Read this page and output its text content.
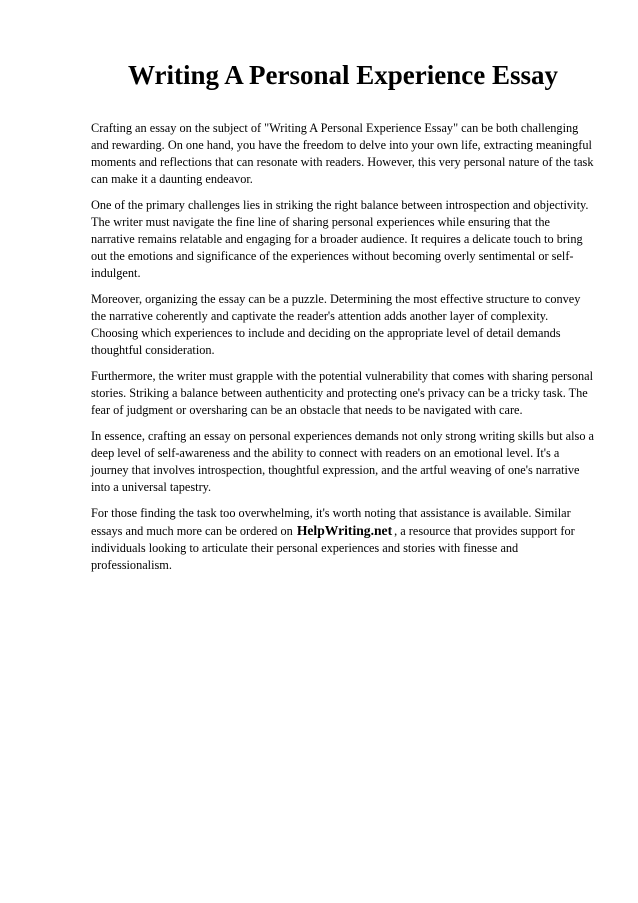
Writing A Personal Experience Essay

Crafting an essay on the subject of "Writing A Personal Experience Essay" can be both challenging and rewarding. On one hand, you have the freedom to delve into your own life, extracting meaningful moments and reflections that can resonate with readers. However, this very personal nature of the task can make it a daunting endeavor.

One of the primary challenges lies in striking the right balance between introspection and objectivity. The writer must navigate the fine line of sharing personal experiences while ensuring that the narrative remains relatable and engaging for a broader audience. It requires a delicate touch to bring out the emotions and significance of the experiences without becoming overly sentimental or self-indulgent.

Moreover, organizing the essay can be a puzzle. Determining the most effective structure to convey the narrative coherently and captivate the reader's attention adds another layer of complexity. Choosing which experiences to include and deciding on the appropriate level of detail demands thoughtful consideration.

Furthermore, the writer must grapple with the potential vulnerability that comes with sharing personal stories. Striking a balance between authenticity and protecting one's privacy can be a tricky task. The fear of judgment or oversharing can be an obstacle that needs to be navigated with care.

In essence, crafting an essay on personal experiences demands not only strong writing skills but also a deep level of self-awareness and the ability to connect with readers on an emotional level. It's a journey that involves introspection, thoughtful expression, and the artful weaving of one's narrative into a universal tapestry.

For those finding the task too overwhelming, it's worth noting that assistance is available. Similar essays and much more can be ordered on HelpWriting.net , a resource that provides support for individuals looking to articulate their personal experiences and stories with finesse and professionalism.
